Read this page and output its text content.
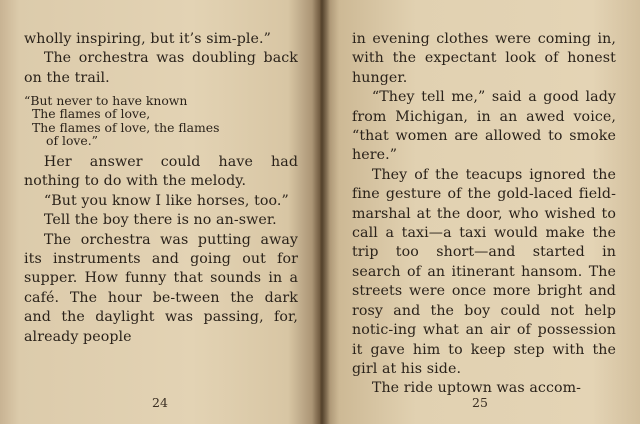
wholly inspiring, but it’s sim-ple.”

The orchestra was doubling back on the trail.

“But never to have known
The flames of love,
The flames of love, the flames
of love.”

Her answer could have had nothing to do with the melody.

“But you know I like horses, too.”

Tell the boy there is no an-swer.

The orchestra was putting away its instruments and going out for supper. How funny that sounds in a café. The hour be-tween the dark and the daylight was passing, for, already people

24

in evening clothes were coming in, with the expectant look of honest hunger.

“They tell me,” said a good lady from Michigan, in an awed voice, “that women are allowed to smoke here.”

They of the teacups ignored the fine gesture of the gold-laced field-marshal at the door, who wished to call a taxi—a taxi would make the trip too short—and started in search of an itinerant hansom. The streets were once more bright and rosy and the boy could not help notic-ing what an air of possession it gave him to keep step with the girl at his side.

The ride uptown was accom-

25
